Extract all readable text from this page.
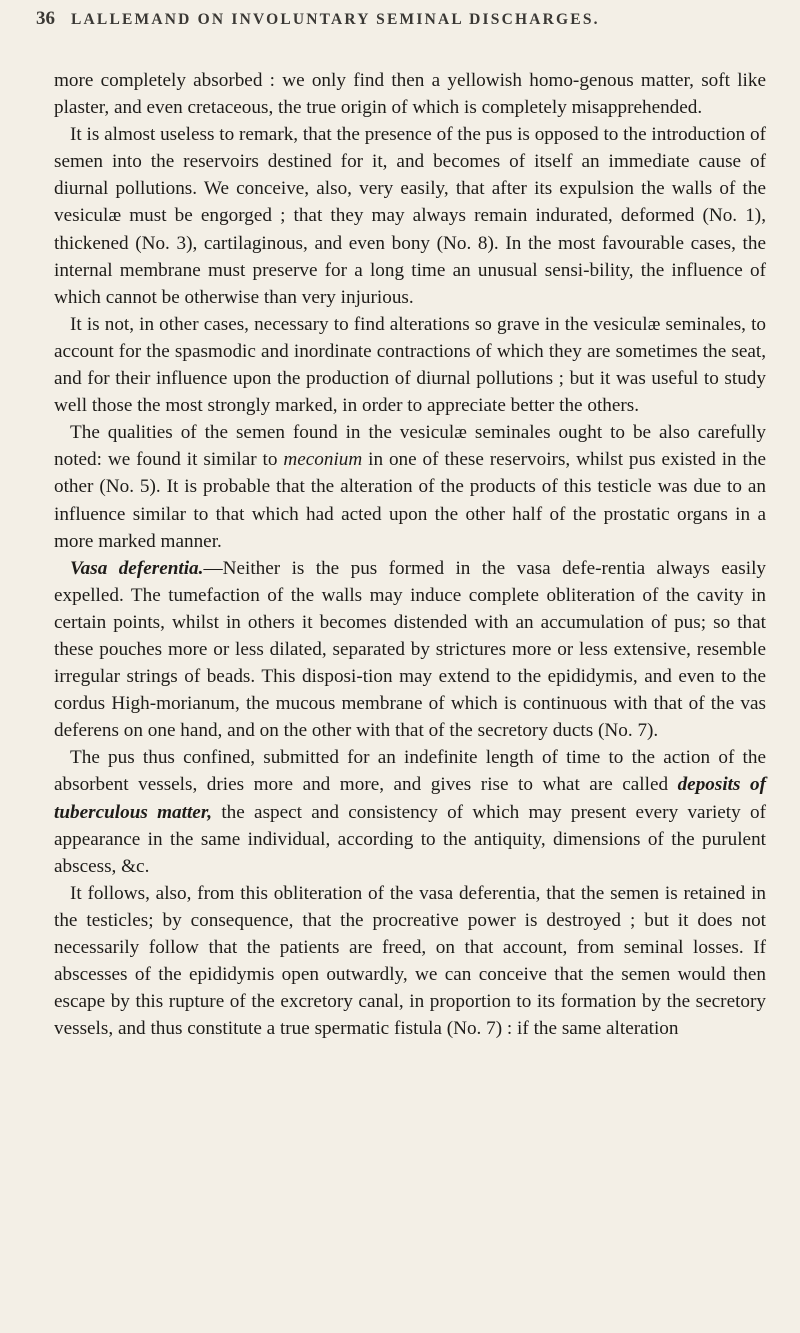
36 LALLEMAND ON INVOLUNTARY SEMINAL DISCHARGES.

more completely absorbed : we only find then a yellowish homo-genous matter, soft like plaster, and even cretaceous, the true origin of which is completely misapprehended.

It is almost useless to remark, that the presence of the pus is opposed to the introduction of semen into the reservoirs destined for it, and becomes of itself an immediate cause of diurnal pollutions. We conceive, also, very easily, that after its expulsion the walls of the vesiculæ must be engorged ; that they may always remain indurated, deformed (No. 1), thickened (No. 3), cartilaginous, and even bony (No. 8). In the most favourable cases, the internal membrane must preserve for a long time an unusual sensi-bility, the influence of which cannot be otherwise than very injurious.

It is not, in other cases, necessary to find alterations so grave in the vesiculæ seminales, to account for the spasmodic and inordinate contractions of which they are sometimes the seat, and for their influence upon the production of diurnal pollutions ; but it was useful to study well those the most strongly marked, in order to appreciate better the others.

The qualities of the semen found in the vesiculæ seminales ought to be also carefully noted: we found it similar to meconium in one of these reservoirs, whilst pus existed in the other (No. 5). It is probable that the alteration of the products of this testicle was due to an influence similar to that which had acted upon the other half of the prostatic organs in a more marked manner.

Vasa deferentia.—Neither is the pus formed in the vasa defe-rentia always easily expelled. The tumefaction of the walls may induce complete obliteration of the cavity in certain points, whilst in others it becomes distended with an accumulation of pus; so that these pouches more or less dilated, separated by strictures more or less extensive, resemble irregular strings of beads. This disposi-tion may extend to the epididymis, and even to the cordus High-morianum, the mucous membrane of which is continuous with that of the vas deferens on one hand, and on the other with that of the secretory ducts (No. 7).

The pus thus confined, submitted for an indefinite length of time to the action of the absorbent vessels, dries more and more, and gives rise to what are called deposits of tuberculous matter, the aspect and consistency of which may present every variety of appearance in the same individual, according to the antiquity, dimensions of the purulent abscess, &c.

It follows, also, from this obliteration of the vasa deferentia, that the semen is retained in the testicles; by consequence, that the procreative power is destroyed ; but it does not necessarily follow that the patients are freed, on that account, from seminal losses. If abscesses of the epididymis open outwardly, we can conceive that the semen would then escape by this rupture of the excretory canal, in proportion to its formation by the secretory vessels, and thus constitute a true spermatic fistula (No. 7) : if the same alteration
